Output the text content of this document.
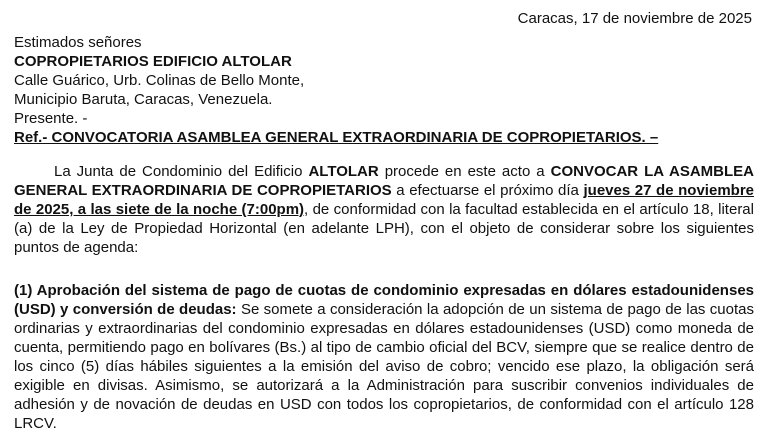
Caracas, 17 de noviembre de 2025
Estimados señores
COPROPIETARIOS EDIFICIO ALTOLAR
Calle Guárico, Urb. Colinas de Bello Monte,
Municipio Baruta, Caracas, Venezuela.
Presente. -
Ref.- CONVOCATORIA ASAMBLEA GENERAL EXTRAORDINARIA DE COPROPIETARIOS. –
La Junta de Condominio del Edificio ALTOLAR procede en este acto a CONVOCAR LA ASAMBLEA GENERAL EXTRAORDINARIA DE COPROPIETARIOS a efectuarse el próximo día jueves 27 de noviembre de 2025, a las siete de la noche (7:00pm), de conformidad con la facultad establecida en el artículo 18, literal (a) de la Ley de Propiedad Horizontal (en adelante LPH), con el objeto de considerar sobre los siguientes puntos de agenda:
(1) Aprobación del sistema de pago de cuotas de condominio expresadas en dólares estadounidenses (USD) y conversión de deudas: Se somete a consideración la adopción de un sistema de pago de las cuotas ordinarias y extraordinarias del condominio expresadas en dólares estadounidenses (USD) como moneda de cuenta, permitiendo pago en bolívares (Bs.) al tipo de cambio oficial del BCV, siempre que se realice dentro de los cinco (5) días hábiles siguientes a la emisión del aviso de cobro; vencido ese plazo, la obligación será exigible en divisas. Asimismo, se autorizará a la Administración para suscribir convenios individuales de adhesión y de novación de deudas en USD con todos los copropietarios, de conformidad con el artículo 128 LRCV.
